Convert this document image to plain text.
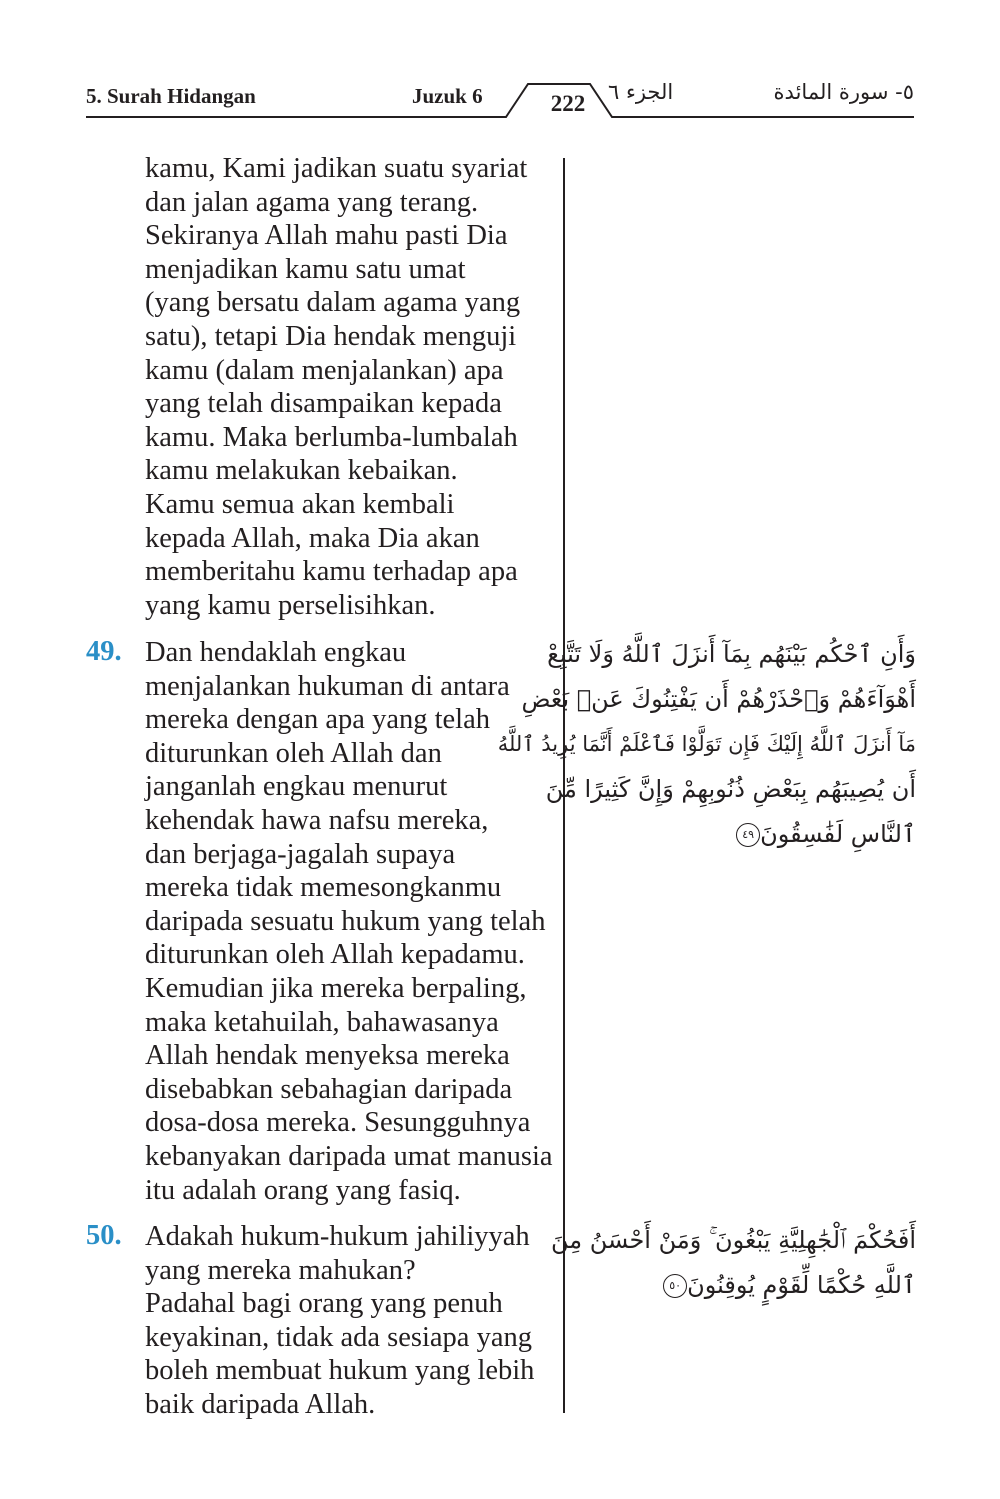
5. Surah Hidangan	Juzuk 6	222	الجزء ٦	٥- سورة المائدة
kamu, Kami jadikan suatu syariat
dan jalan agama yang terang.
Sekiranya Allah mahu pasti Dia
menjadikan kamu satu umat
(yang bersatu dalam agama yang
satu), tetapi Dia hendak menguji
kamu (dalam menjalankan) apa
yang telah disampaikan kepada
kamu. Maka berlumba-lumbalah
kamu melakukan kebaikan.
Kamu semua akan kembali
kepada Allah, maka Dia akan
memberitahu kamu terhadap apa
yang kamu perselisihkan.
49. Dan hendaklah engkau
menjalankan hukuman di antara
mereka dengan apa yang telah
diturunkan oleh Allah dan
janganlah engkau menurut
kehendak hawa nafsu mereka,
dan berjaga-jagalah supaya
mereka tidak memesongkanmu
daripada sesuatu hukum yang telah
diturunkan oleh Allah kepadamu.
Kemudian jika mereka berpaling,
maka ketahuilah, bahawasanya
Allah hendak menyeksa mereka
disebabkan sebahagian daripada
dosa-dosa mereka. Sesungguhnya
kebanyakan daripada umat manusia
itu adalah orang yang fasiq.
وَأَنِ ٱحْكُم بَيْنَهُم بِمَآ أَنزَلَ ٱللَّهُ وَلَا تَتَّبِعْ
أَهْوَآءَهُمْ وَٱحْذَرْهُمْ أَن يَفْتِنُوكَ عَنۢ بَعْضِ
مَآ أَنزَلَ ٱللَّهُ إِلَيْكَ فَإِن تَوَلَّوْا فَٱعْلَمْ أَنَّمَا يُرِيدُ ٱللَّهُ
أَن يُصِيبَهُم بِبَعْضِ ذُنُوبِهِمْ وَإِنَّ كَثِيرًا مِّنَ
ٱلنَّاسِ لَفَٰسِقُونَ٤٩
50. Adakah hukum-hukum jahiliyyah
yang mereka mahukan?
Padahal bagi orang yang penuh
keyakinan, tidak ada sesiapa yang
boleh membuat hukum yang lebih
baik daripada Allah.
أَفَحُكْمَ ٱلْجَٰهِلِيَّةِ يَبْغُونَ ۚ وَمَنْ أَحْسَنُ مِنَ
ٱللَّهِ حُكْمًا لِّقَوْمٍ يُوقِنُونَ٥٠
